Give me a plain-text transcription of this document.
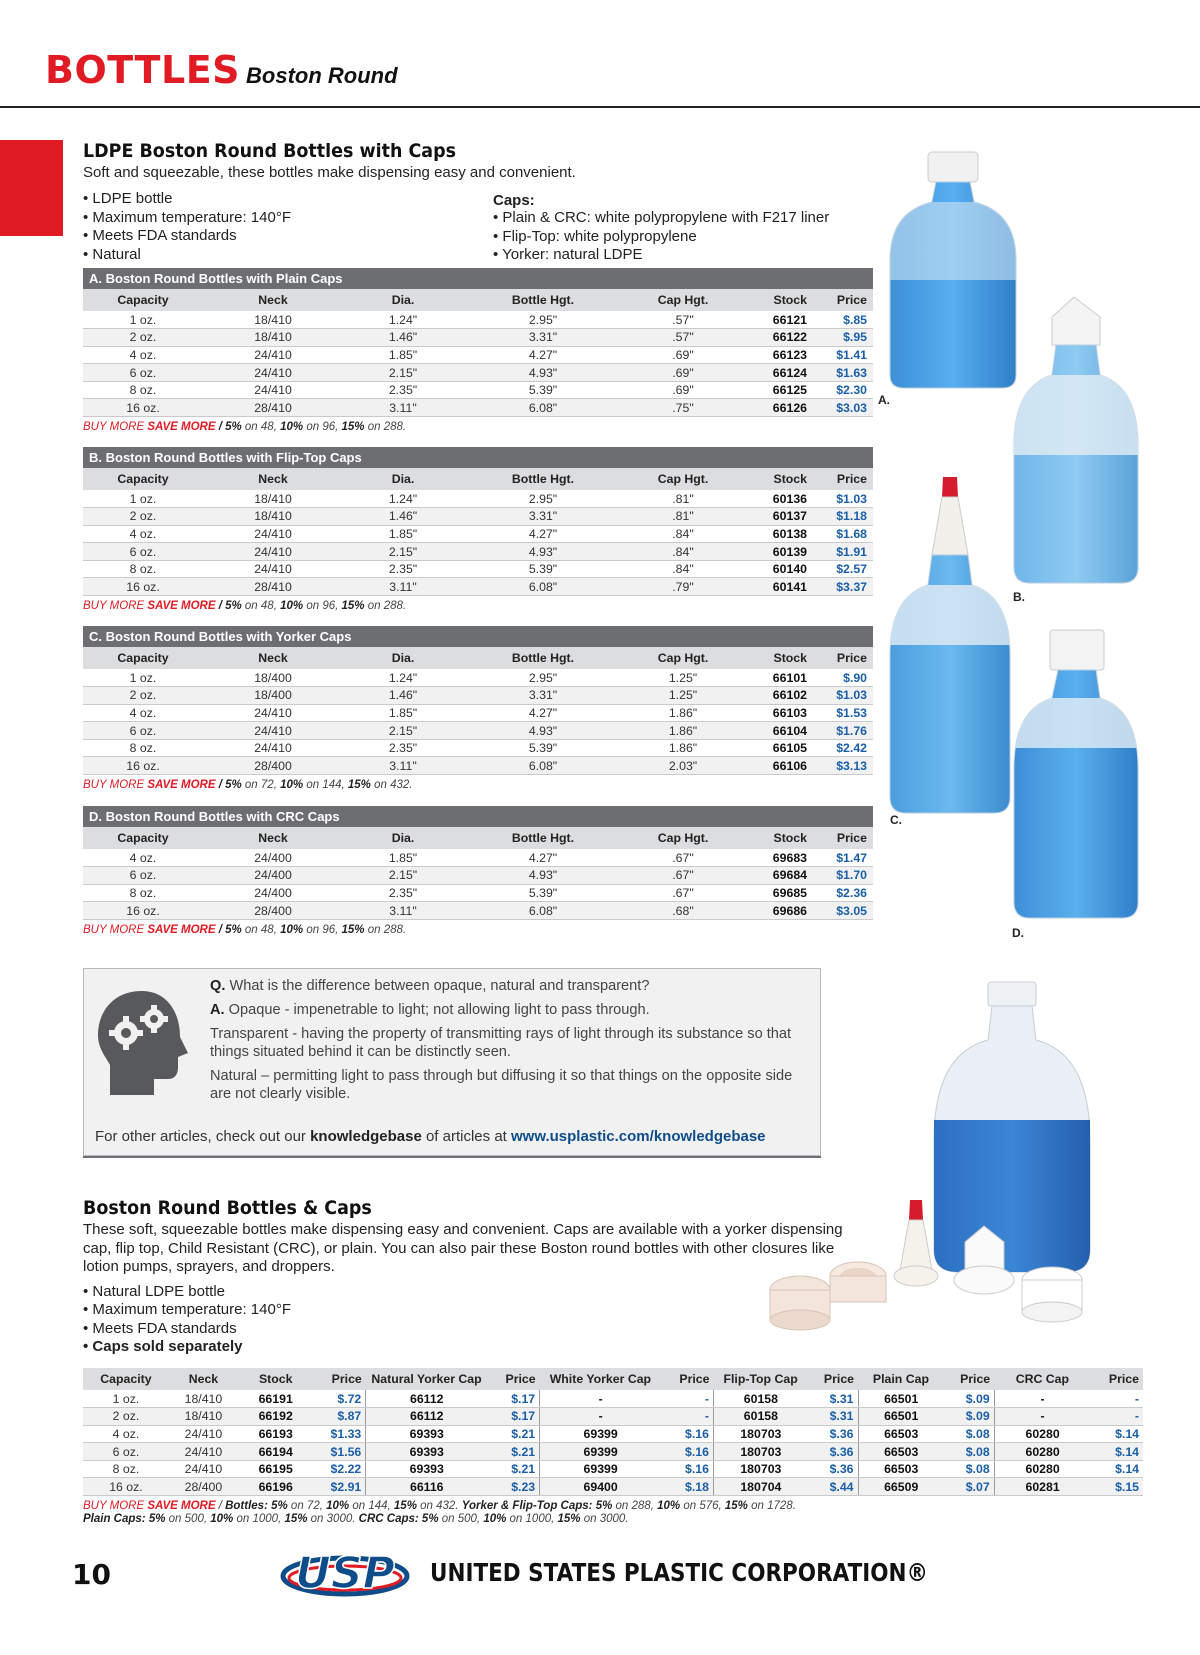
BOTTLES Boston Round
LDPE Boston Round Bottles with Caps
Soft and squeezable, these bottles make dispensing easy and convenient.
• LDPE bottle
• Maximum temperature: 140°F
• Meets FDA standards
• Natural
Caps:
• Plain & CRC: white polypropylene with F217 liner
• Flip-Top: white polypropylene
• Yorker: natural LDPE
A. Boston Round Bottles with Plain Caps
Capacity	Neck	Dia.	Bottle Hgt.	Cap Hgt.	Stock	Price
1 oz.	18/410	1.24"	2.95"	.57"	66121	$.85
2 oz.	18/410	1.46"	3.31"	.57"	66122	$.95
4 oz.	24/410	1.85"	4.27"	.69"	66123	$1.41
6 oz.	24/410	2.15"	4.93"	.69"	66124	$1.63
8 oz.	24/410	2.35"	5.39"	.69"	66125	$2.30
16 oz.	28/410	3.11"	6.08"	.75"	66126	$3.03
BUY MORE SAVE MORE / 5% on 48, 10% on 96, 15% on 288.
B. Boston Round Bottles with Flip-Top Caps
Capacity	Neck	Dia.	Bottle Hgt.	Cap Hgt.	Stock	Price
1 oz.	18/410	1.24"	2.95"	.81"	60136	$1.03
2 oz.	18/410	1.46"	3.31"	.81"	60137	$1.18
4 oz.	24/410	1.85"	4.27"	.84"	60138	$1.68
6 oz.	24/410	2.15"	4.93"	.84"	60139	$1.91
8 oz.	24/410	2.35"	5.39"	.84"	60140	$2.57
16 oz.	28/410	3.11"	6.08"	.79"	60141	$3.37
BUY MORE SAVE MORE / 5% on 48, 10% on 96, 15% on 288.
C. Boston Round Bottles with Yorker Caps
Capacity	Neck	Dia.	Bottle Hgt.	Cap Hgt.	Stock	Price
1 oz.	18/400	1.24"	2.95"	1.25"	66101	$.90
2 oz.	18/400	1.46"	3.31"	1.25"	66102	$1.03
4 oz.	24/410	1.85"	4.27"	1.86"	66103	$1.53
6 oz.	24/410	2.15"	4.93"	1.86"	66104	$1.76
8 oz.	24/410	2.35"	5.39"	1.86"	66105	$2.42
16 oz.	28/400	3.11"	6.08"	2.03"	66106	$3.13
BUY MORE SAVE MORE / 5% on 72, 10% on 144, 15% on 432.
D. Boston Round Bottles with CRC Caps
Capacity	Neck	Dia.	Bottle Hgt.	Cap Hgt.	Stock	Price
4 oz.	24/400	1.85"	4.27"	.67"	69683	$1.47
6 oz.	24/400	2.15"	4.93"	.67"	69684	$1.70
8 oz.	24/400	2.35"	5.39"	.67"	69685	$2.36
16 oz.	28/400	3.11"	6.08"	.68"	69686	$3.05
BUY MORE SAVE MORE / 5% on 48, 10% on 96, 15% on 288.
A.
B.
C.
D.

Q. What is the difference between opaque, natural and transparent?

A. Opaque - impenetrable to light; not allowing light to pass through.

Transparent - having the property of transmitting rays of light through its substance so that things situated behind it can be distinctly seen.

Natural – permitting light to pass through but diffusing it so that things on the opposite side are not clearly visible.

For other articles, check out our knowledgebase of articles at www.usplastic.com/knowledgebase
Boston Round Bottles & Caps
These soft, squeezable bottles make dispensing easy and convenient. Caps are available with a yorker dispensing cap, flip top, Child Resistant (CRC), or plain. You can also pair these Boston round bottles with other closures like lotion pumps, sprayers, and droppers.
• Natural LDPE bottle
• Maximum temperature: 140°F
• Meets FDA standards
• Caps sold separately
Capacity	Neck	Stock	Price	Natural Yorker Cap	Price	White Yorker Cap	Price	Flip-Top Cap	Price	Plain Cap	Price	CRC Cap	Price
1 oz.	18/410	66191	$.72	66112	$.17	-	-	60158	$.31	66501	$.09	-	-
2 oz.	18/410	66192	$.87	66112	$.17	-	-	60158	$.31	66501	$.09	-	-
4 oz.	24/410	66193	$1.33	69393	$.21	69399	$.16	180703	$.36	66503	$.08	60280	$.14
6 oz.	24/410	66194	$1.56	69393	$.21	69399	$.16	180703	$.36	66503	$.08	60280	$.14
8 oz.	24/410	66195	$2.22	69393	$.21	69399	$.16	180703	$.36	66503	$.08	60280	$.14
16 oz.	28/400	66196	$2.91	66116	$.23	69400	$.18	180704	$.44	66509	$.07	60281	$.15
BUY MORE SAVE MORE / Bottles: 5% on 72, 10% on 144, 15% on 432. Yorker & Flip-Top Caps: 5% on 288, 10% on 576, 15% on 1728.
Plain Caps: 5% on 500, 10% on 1000, 15% on 3000. CRC Caps: 5% on 500, 10% on 1000, 15% on 3000.
10	USP UNITED STATES PLASTIC CORPORATION®
